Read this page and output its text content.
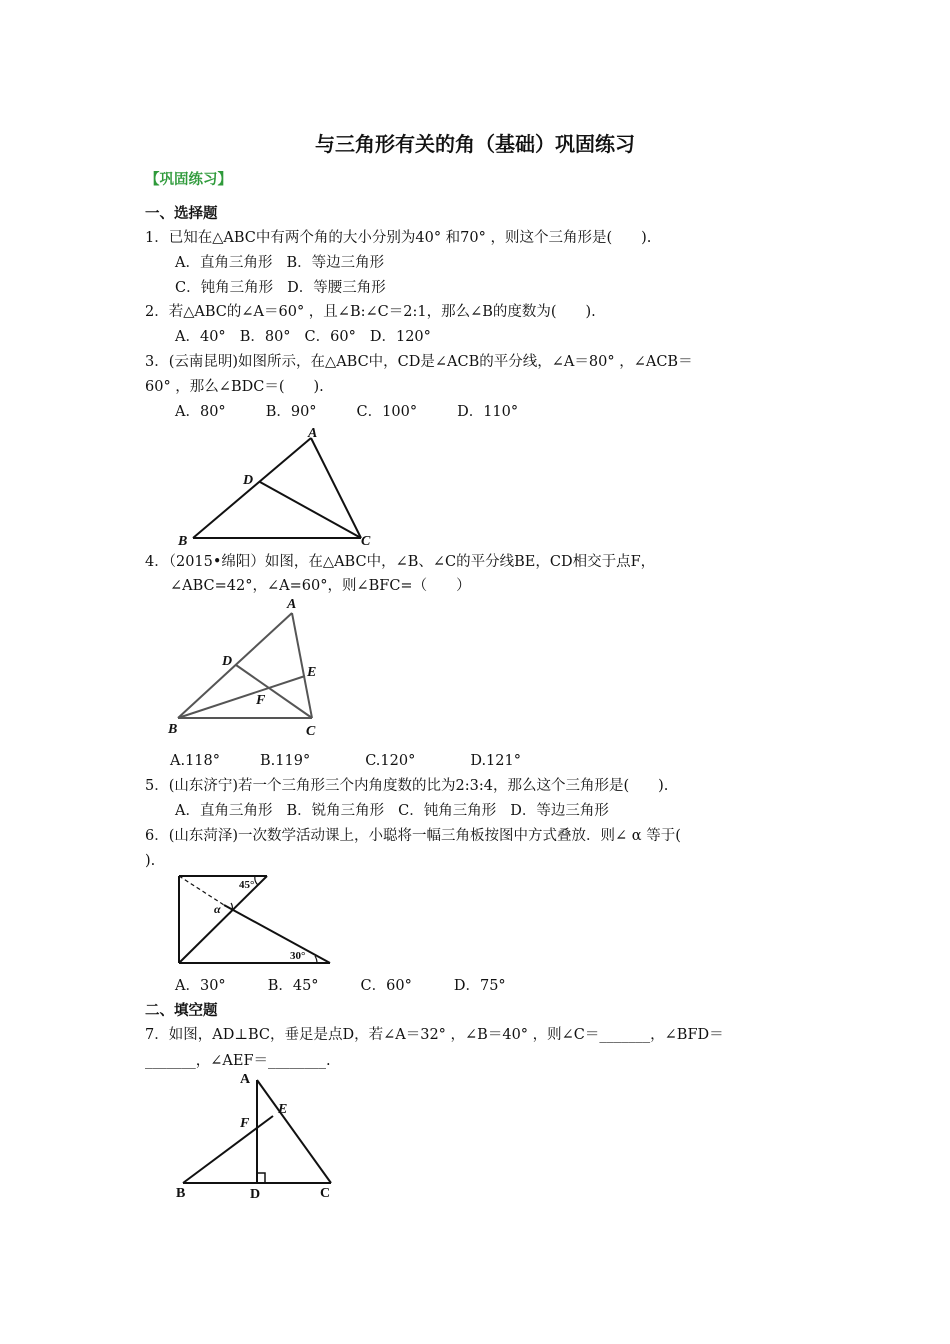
与三角形有关的角（基础）巩固练习
【巩固练习】
一、选择题
1．已知在△ABC中有两个角的大小分别为40° 和70° ，则这个三角形是(　　).
A．直角三角形 B．等边三角形
C．钝角三角形 D．等腰三角形
2．若△ABC的∠A＝60° ，且∠B:∠C＝2:1，那么∠B的度数为(　　).
A．40° B．80° C．60° D．120°
3．(云南昆明)如图所示，在△ABC中，CD是∠ACB的平分线，∠A＝80° ，∠ACB＝
60° ，那么∠BDC＝(　　).
A．80°	B．90°	C．100°	D．110°
A
D
B	C
4．（2015•绵阳）如图，在△ABC中，∠B、∠C的平分线BE，CD相交于点F，
∠ABC=42°，∠A=60°，则∠BFC=（　　）
A
D
E
F
B	C
A.118°	B.119°	C.120°	D.121°
5．(山东济宁)若一个三角形三个内角度数的比为2:3:4，那么这个三角形是(　　).
A．直角三角形 B．锐角三角形 C．钝角三角形 D．等边三角形
6．(山东菏泽)一次数学活动课上，小聪将一幅三角板按图中方式叠放．则∠ α 等于(
).
45°
α
30°
A．30°	B．45°	C．60°	D．75°
二、填空题
7．如图，AD⊥BC，垂足是点D，若∠A＝32° ，∠B＝40° ，则∠C＝_______，∠BFD＝
_______，∠AEF＝________.
A
F
E
B	D	C
